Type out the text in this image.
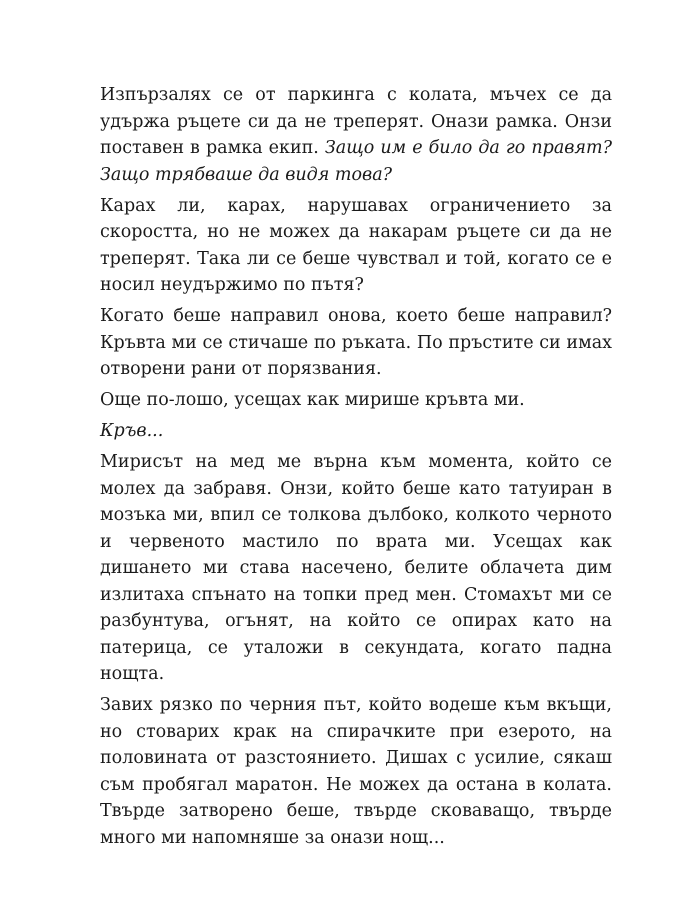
Изпързалях се от паркинга с колата, мъчех се да удържа ръцете си да не треперят. Онази рамка. Онзи поставен в рамка екип. Защо им е било да го правят? Защо трябваше да видя това?

Карах ли, карах, нарушавах ограничението за скоростта, но не можех да накарам ръцете си да не треперят. Така ли се беше чувствал и той, когато се е носил неудържимо по пътя?

Когато беше направил онова, което беше направил? Кръвта ми се стичаше по ръката. По пръстите си имах отворени рани от порязвания.

Още по-лошо, усещах как мирише кръвта ми.

Кръв...

Мирисът на мед ме върна към момента, който се молех да забравя. Онзи, който беше като татуиран в мозъка ми, впил се толкова дълбоко, колкото черното и червеното мастило по врата ми. Усещах как дишането ми става насечено, белите облачета дим излитаха спънато на топки пред мен. Стомахът ми се разбунтува, огънят, на който се опирах като на патерица, се уталожи в секундата, когато падна нощта.

Завих рязко по черния път, който водеше към вкъщи, но стоварих крак на спирачките при езерото, на половината от разстоянието. Дишах с усилие, сякаш съм пробягал маратон. Не можех да остана в колата. Твърде затворено беше, твърде сковаващо, твърде много ми напомняше за онази нощ...
